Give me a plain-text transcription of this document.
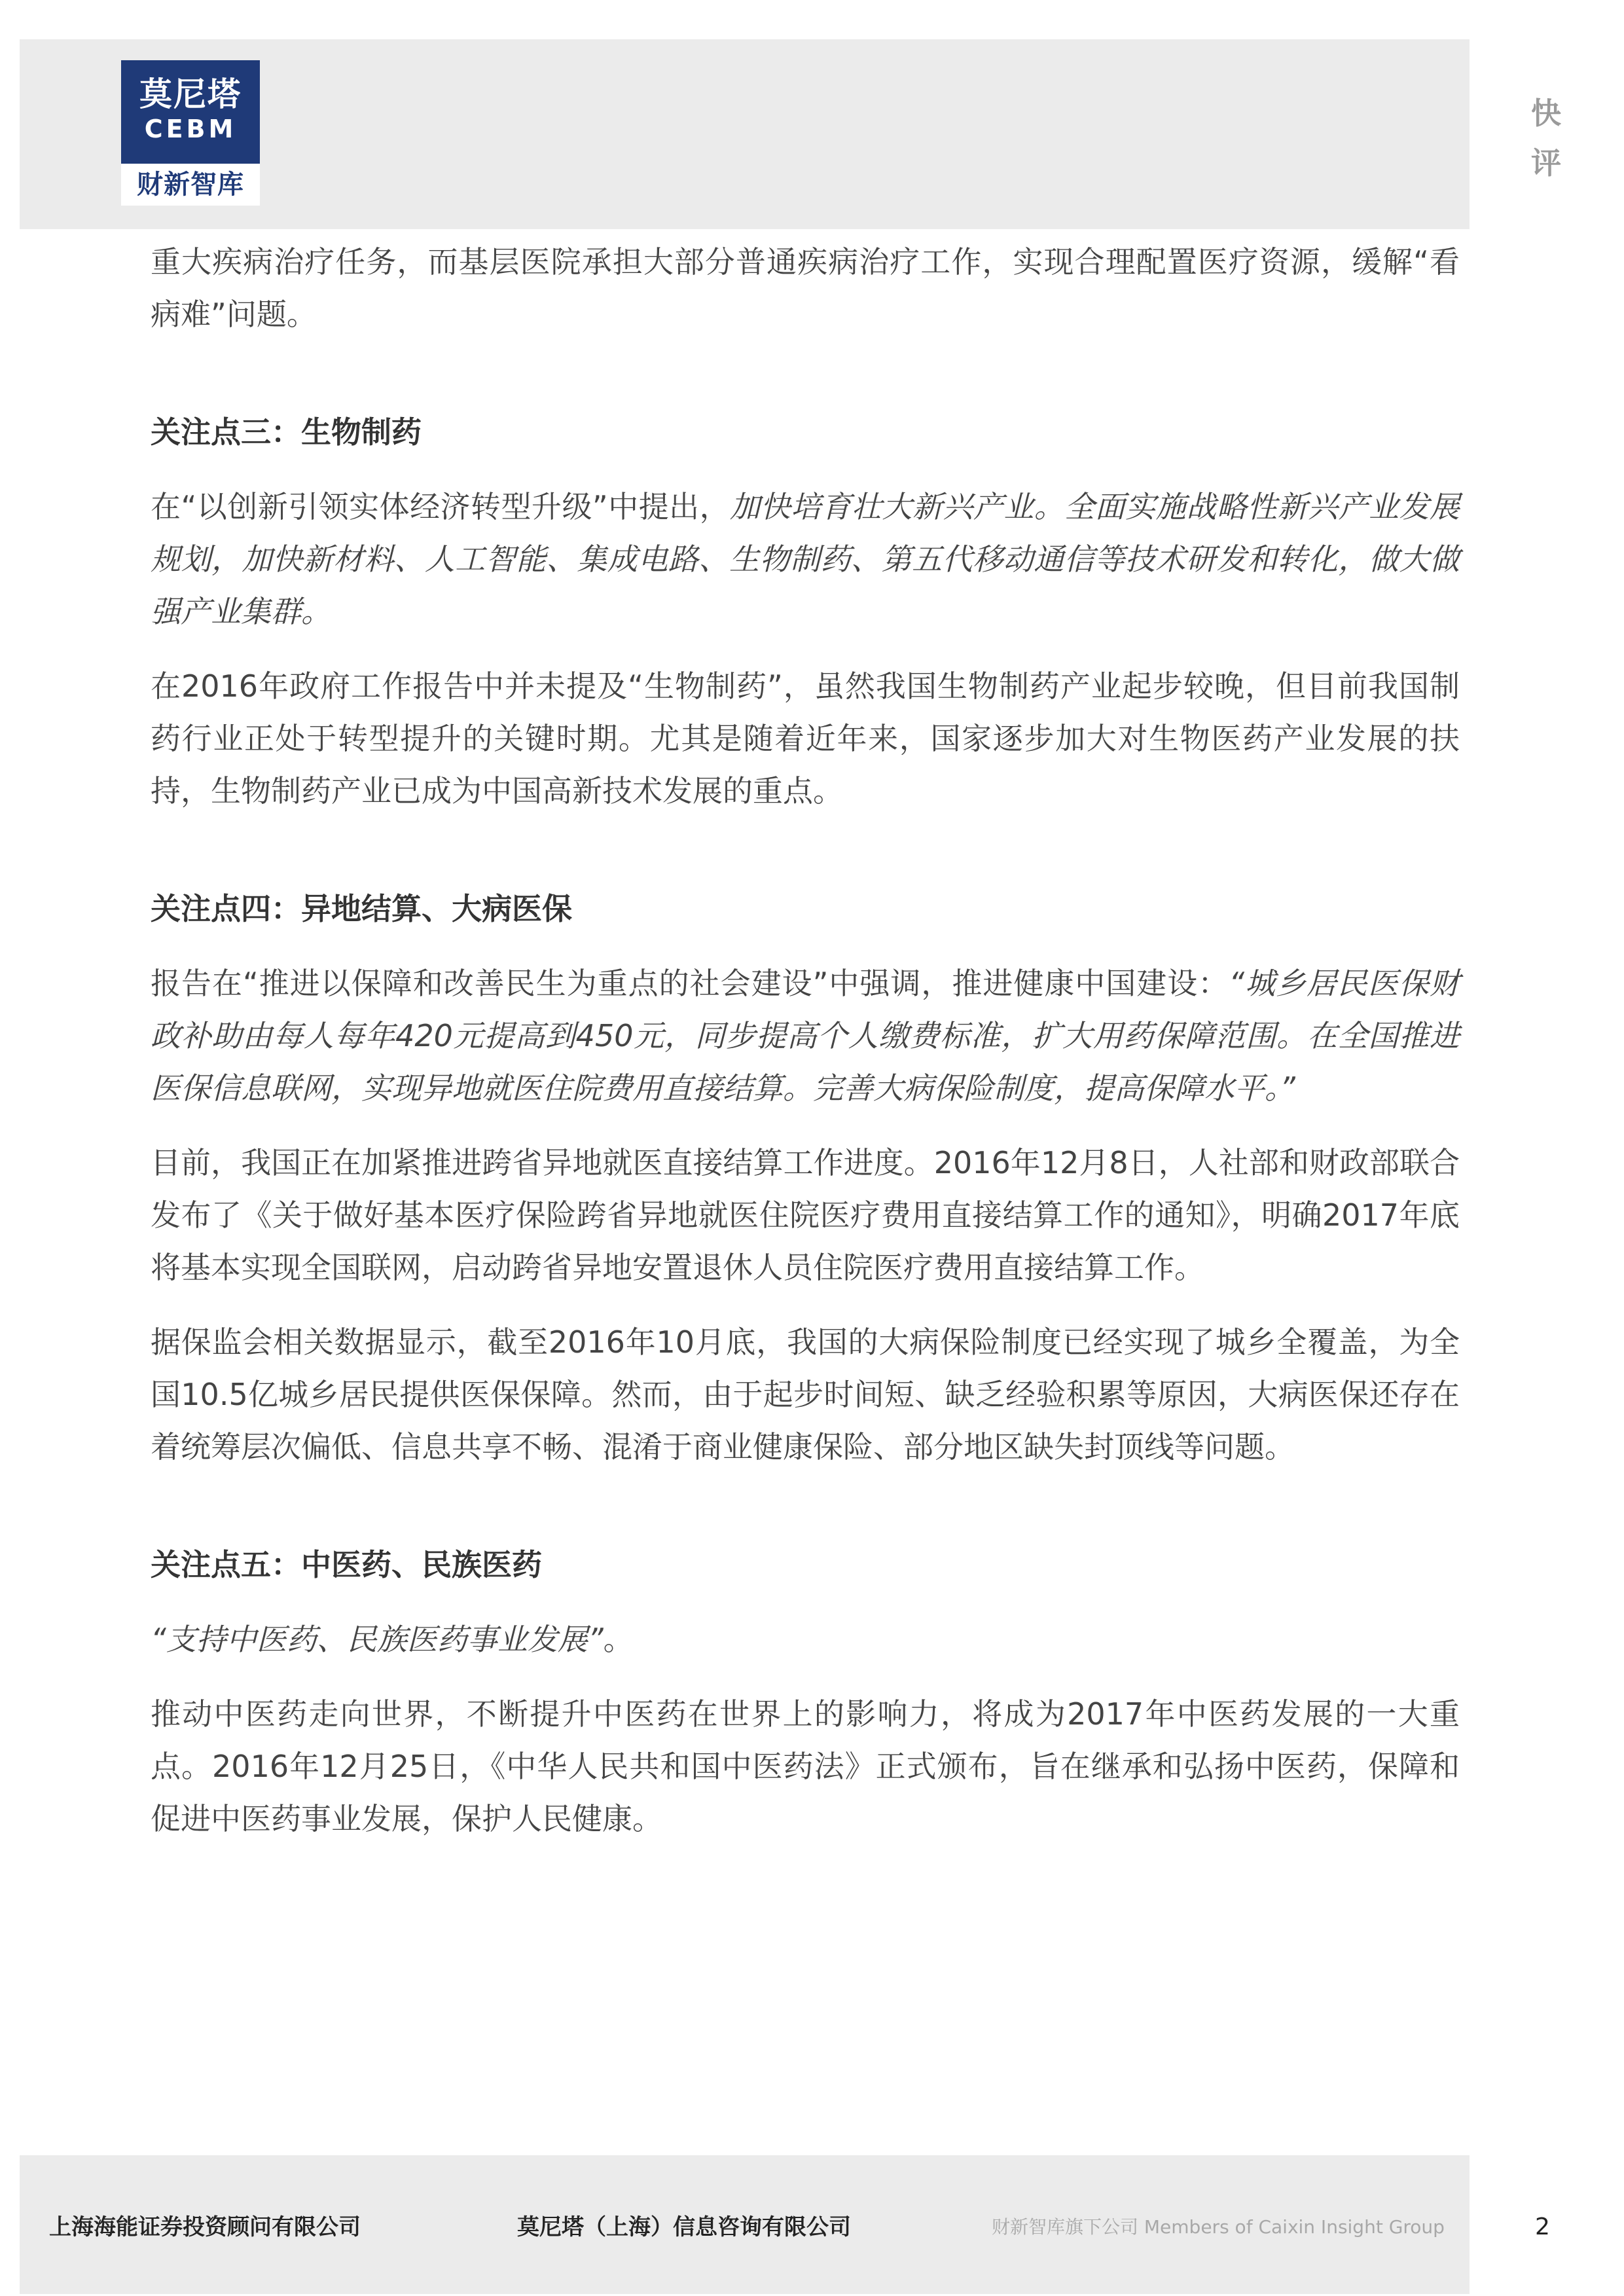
莫尼塔
CEBM
财新智库
快
评

重大疾病治疗任务，而基层医院承担大部分普通疾病治疗工作，实现合理配置医疗资源，缓解“看病难”问题。

关注点三：生物制药

在“以创新引领实体经济转型升级”中提出，加快培育壮大新兴产业。全面实施战略性新兴产业发展规划，加快新材料、人工智能、集成电路、生物制药、第五代移动通信等技术研发和转化，做大做强产业集群。

在2016年政府工作报告中并未提及“生物制药”，虽然我国生物制药产业起步较晚，但目前我国制药行业正处于转型提升的关键时期。尤其是随着近年来，国家逐步加大对生物医药产业发展的扶持，生物制药产业已成为中国高新技术发展的重点。

关注点四：异地结算、大病医保

报告在“推进以保障和改善民生为重点的社会建设”中强调，推进健康中国建设：“城乡居民医保财政补助由每人每年420元提高到450元，同步提高个人缴费标准，扩大用药保障范围。在全国推进医保信息联网，实现异地就医住院费用直接结算。完善大病保险制度，提高保障水平。”

目前，我国正在加紧推进跨省异地就医直接结算工作进度。2016年12月8日，人社部和财政部联合发布了《关于做好基本医疗保险跨省异地就医住院医疗费用直接结算工作的通知》，明确2017年底将基本实现全国联网，启动跨省异地安置退休人员住院医疗费用直接结算工作。

据保监会相关数据显示，截至2016年10月底，我国的大病保险制度已经实现了城乡全覆盖，为全国10.5亿城乡居民提供医保保障。然而，由于起步时间短、缺乏经验积累等原因，大病医保还存在着统筹层次偏低、信息共享不畅、混淆于商业健康保险、部分地区缺失封顶线等问题。

关注点五：中医药、民族医药

“支持中医药、民族医药事业发展”。

推动中医药走向世界，不断提升中医药在世界上的影响力，将成为2017年中医药发展的一大重点。2016年12月25日，《中华人民共和国中医药法》正式颁布，旨在继承和弘扬中医药，保障和促进中医药事业发展，保护人民健康。

上海海能证券投资顾问有限公司	莫尼塔（上海）信息咨询有限公司	财新智库旗下公司 Members of Caixin Insight Group	2
